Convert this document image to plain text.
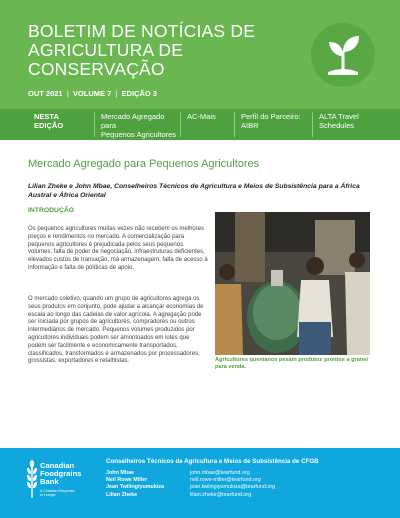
BOLETIM DE NOTÍCIAS DE
AGRICULTURA DE
CONSERVAÇÃO
OUT 2021 | VOLUME 7 | EDIÇÃO 3
NESTA
EDIÇÃO
Mercado Agregado para
Pequenos Agricultores
AC-Mais	Perfil do Parceiro:
AIBR
ALTA Travel
Schedules
Mercado Agregado para Pequenos Agricultores
Lilian Zheke e John Mbae, Conselheiros Técnicos de Agricultura e Meios de Subsistência para a África Austral e África Oriental
INTRODUÇÃO
Os pequenos agricultores muitas vezes não recebem os melhores preços e rendimentos no mercado. A comercialização para pequenos agricultores é prejudicada pelos seus pequenos volumes, falta de poder de negociação, infraestruturas deficientes, elevados custos de transação, má armazenagem, falta de acesso à informação e falta de políticas de apoio.
O mercado coletivo, quando um grupo de agricultores agrega os seus produtos em conjunto, pode ajudar a alcançar economias de escala ao longo das cadeias de valor agrícola. A agregação pode ser iniciada por grupos de agricultores, compradores ou outros intermediários de mercado. Pequenos volumes produzidos por agricultores individuais podem ser amontoados em lotes que podem ser facilmente e economicamente transportados, classificados, transformados e armazenados por processadores, grossistas, exportadores e retalhistas.	Agricultores quenianos pesam produtos prontos a granel para venda.
Canadian
Foodgrains
Bank
A Christian Response
to Hunger
Conselheiros Técnicos de Agricultura e Meios de Subsistência de CFGB
John Mbae	john.mbae@tearfund.org
Neil Rowe Miller	neil.rowe-miller@tearfund.org
Jean Twilingiyumukiza	jean.twilingiyumukiza@tearfund.org
Lilian Zheke	lilian.zheke@tearfund.org
